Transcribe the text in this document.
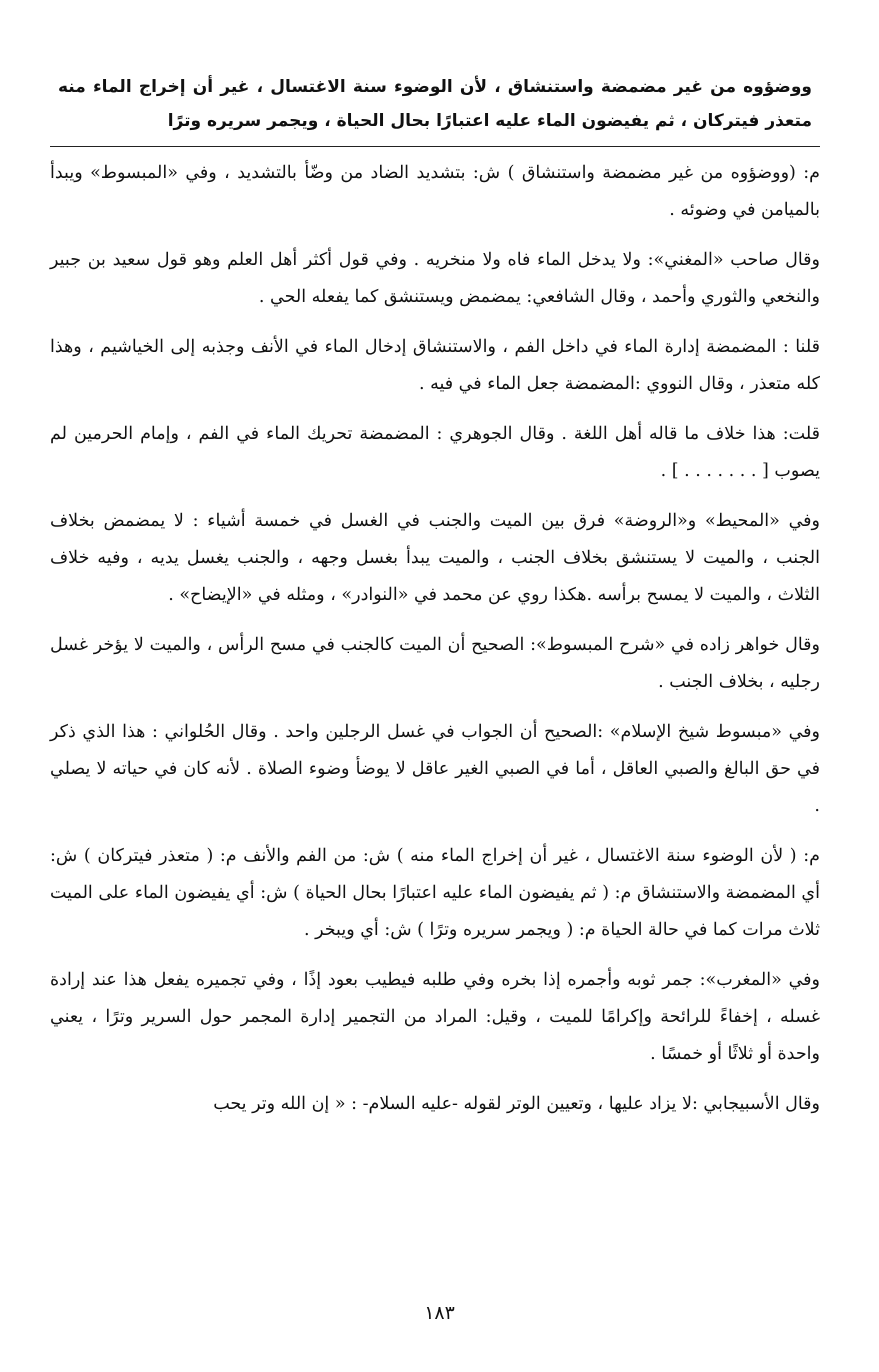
ووضؤوه من غير مضمضة واستنشاق ، لأن الوضوء سنة الاغتسال ، غير أن إخراج الماء منه متعذر فيتركان ، ثم يفيضون الماء عليه اعتبارًا بحال الحياة ، ويجمر سريره وترًا

م: (ووضؤوه من غير مضمضة واستنشاق ) ش: بتشديد الضاد من وضّأ بالتشديد ، وفي «المبسوط» ويبدأ بالميامن في وضوئه .

وقال صاحب «المغني»: ولا يدخل الماء فاه ولا منخريه . وفي قول أكثر أهل العلم وهو قول سعيد بن جبير والنخعي والثوري وأحمد ، وقال الشافعي: يمضمض ويستنشق كما يفعله الحي .

قلنا : المضمضة إدارة الماء في داخل الفم ، والاستنشاق إدخال الماء في الأنف وجذبه إلى الخياشيم ، وهذا كله متعذر ، وقال النووي :المضمضة جعل الماء في فيه .

قلت: هذا خلاف ما قاله أهل اللغة . وقال الجوهري : المضمضة تحريك الماء في الفم ، وإمام الحرمين لم يصوب [ . . . . . . . ] .

وفي «المحيط» و«الروضة» فرق بين الميت والجنب في الغسل في خمسة أشياء : لا يمضمض بخلاف الجنب ، والميت لا يستنشق بخلاف الجنب ، والميت يبدأ بغسل وجهه ، والجنب يغسل يديه ، وفيه خلاف الثلاث ، والميت لا يمسح برأسه .هكذا روي عن محمد في «النوادر» ، ومثله في «الإيضاح» .

وقال خواهر زاده في «شرح المبسوط»: الصحيح أن الميت كالجنب في مسح الرأس ، والميت لا يؤخر غسل رجليه ، بخلاف الجنب .

وفي «مبسوط شيخ الإسلام» :الصحيح أن الجواب في غسل الرجلين واحد . وقال الحُلواني : هذا الذي ذكر في حق البالغ والصبي العاقل ، أما في الصبي الغير عاقل لا يوضأ وضوء الصلاة . لأنه كان في حياته لا يصلي .

م: ( لأن الوضوء سنة الاغتسال ، غير أن إخراج الماء منه ) ش: من الفم والأنف م: ( متعذر فيتركان ) ش: أي المضمضة والاستنشاق م: ( ثم يفيضون الماء عليه اعتبارًا بحال الحياة ) ش: أي يفيضون الماء على الميت ثلاث مرات كما في حالة الحياة م: ( ويجمر سريره وترًا ) ش: أي ويبخر .

وفي «المغرب»: جمر ثوبه وأجمره إذا بخره وفي طلبه فيطيب بعود إذًا ، وفي تجميره يفعل هذا عند إرادة غسله ، إخفاءً للرائحة وإكرامًا للميت ، وقيل: المراد من التجمير إدارة المجمر حول السرير وترًا ، يعني واحدة أو ثلاثًا أو خمسًا .

وقال الأسبيجابي :لا يزاد عليها ، وتعيين الوتر لقوله -عليه السلام- : « إن الله وتر يحب

١٨٣
